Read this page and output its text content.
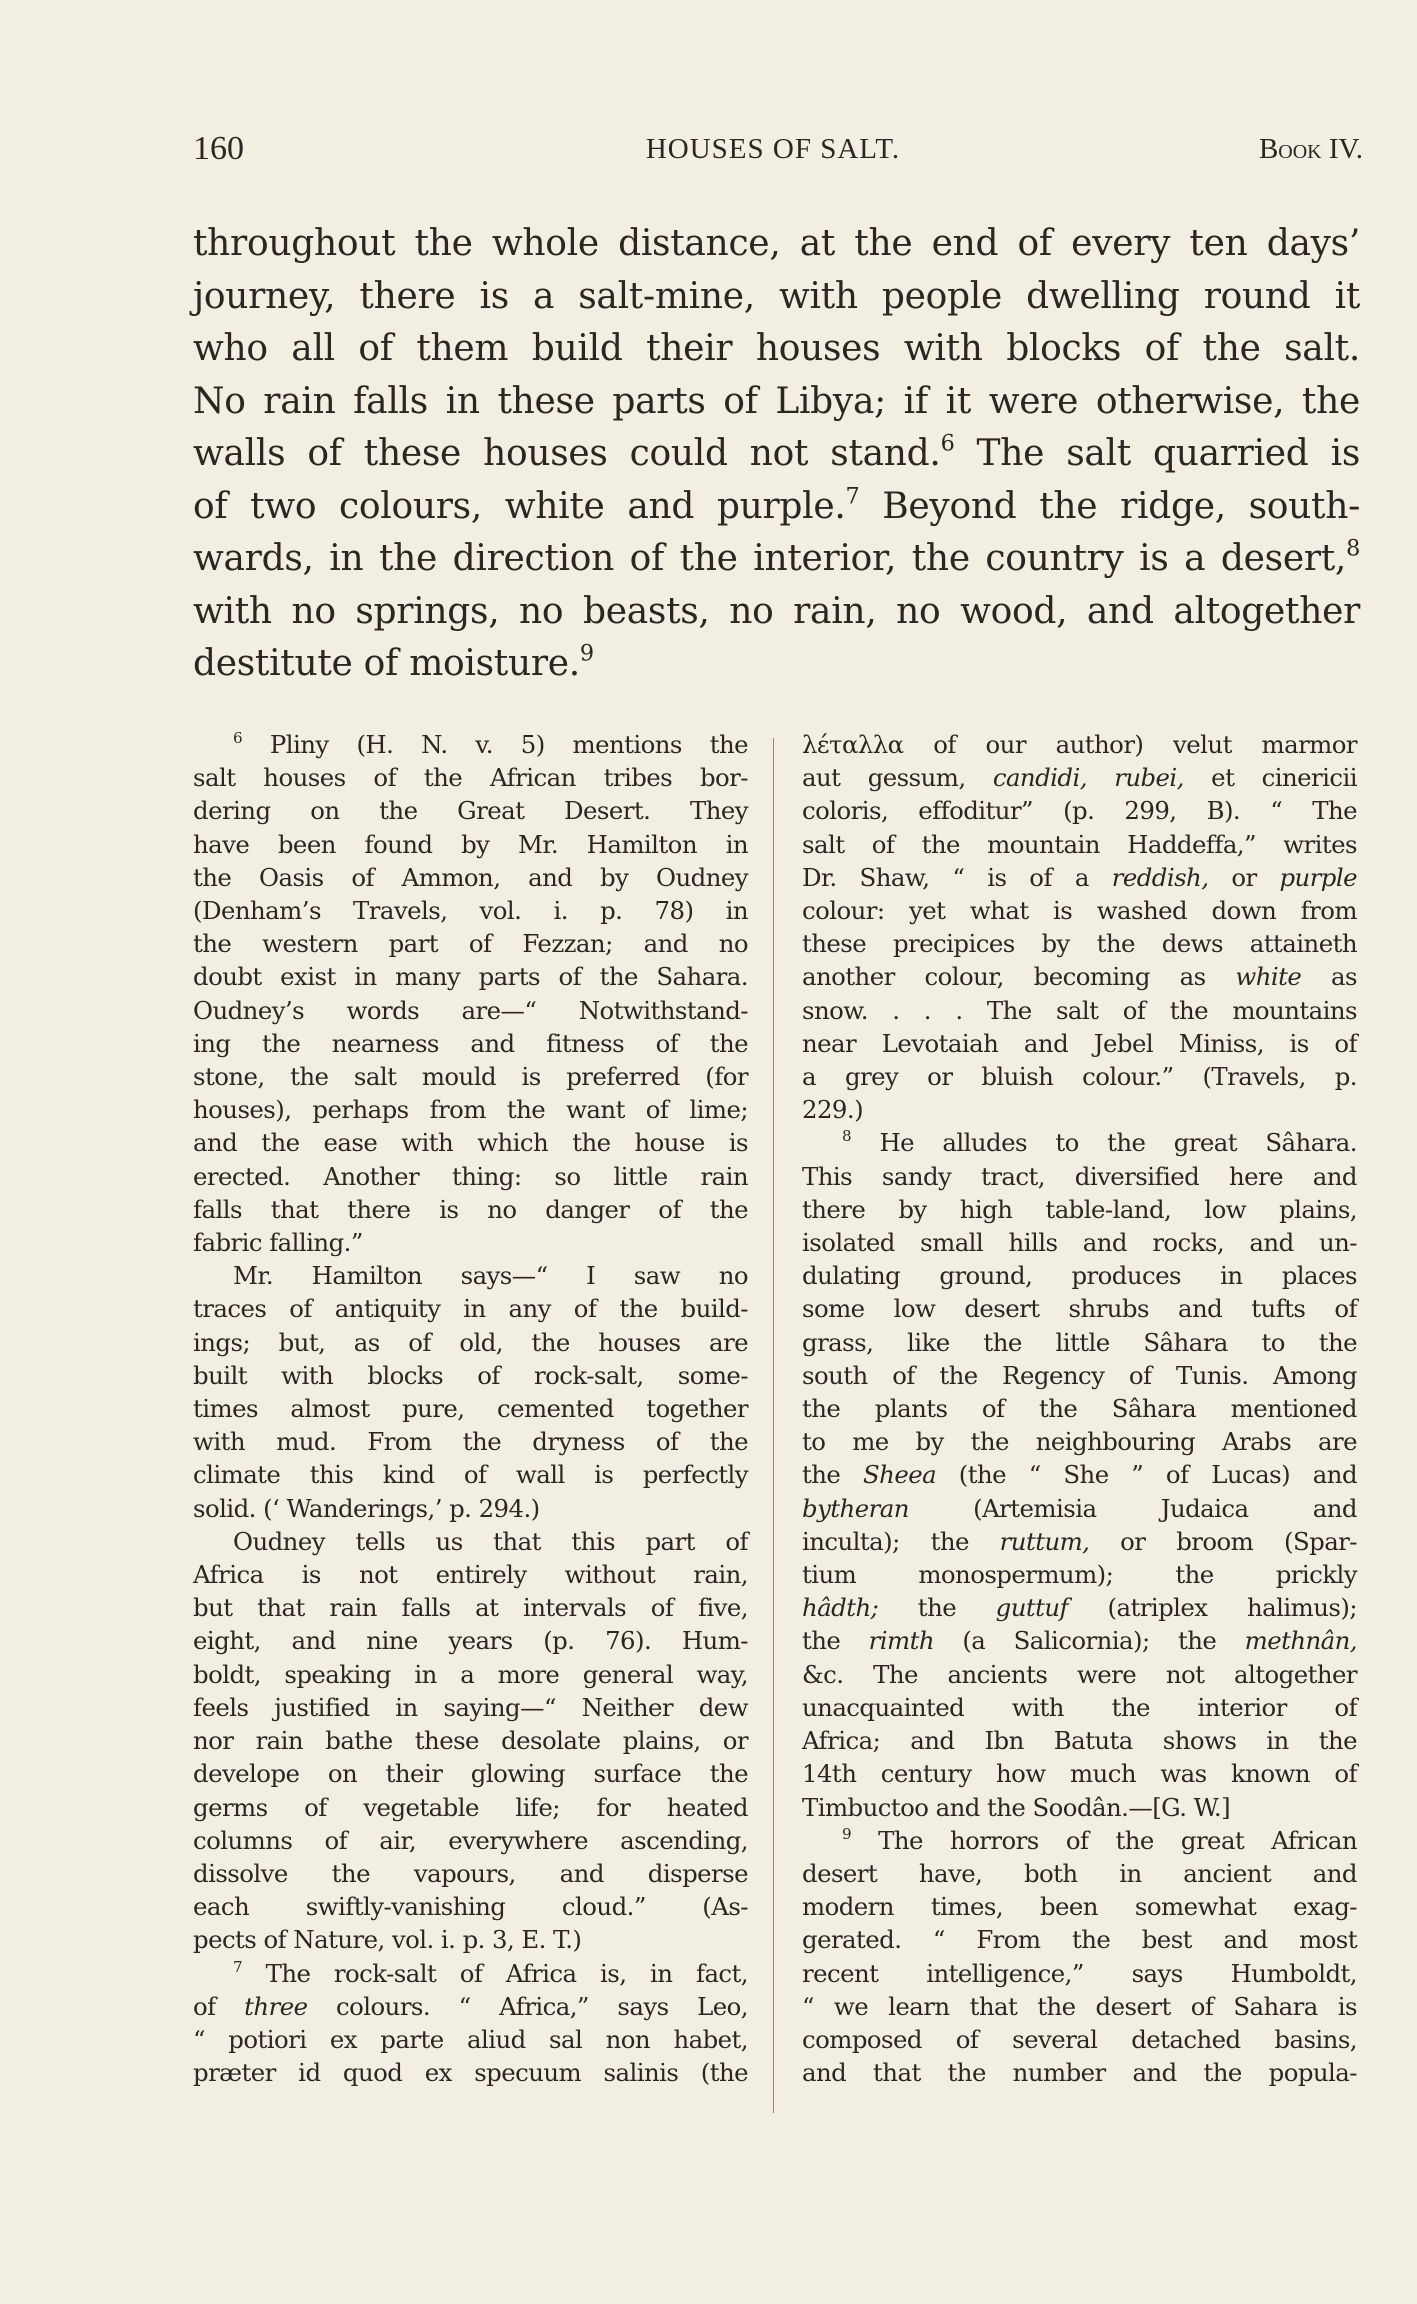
160	HOUSES OF SALT.	Book IV.
throughout the whole distance, at the end of every ten days’
journey, there is a salt-mine, with people dwelling round it
who all of them build their houses with blocks of the salt.
No rain falls in these parts of Libya; if it were otherwise, the
walls of these houses could not stand.$^6$ The salt quarried is
of two colours, white and purple.$^7$ Beyond the ridge, south-
wards, in the direction of the interior, the country is a desert,$^8$
with no springs, no beasts, no rain, no wood, and altogether
destitute of moisture.$^9$
$^6$ Pliny (H. N. v. 5) mentions the
salt houses of the African tribes bor-
dering on the Great Desert. They
have been found by Mr. Hamilton in
the Oasis of Ammon, and by Oudney
(Denham’s Travels, vol. i. p. 78) in
the western part of Fezzan; and no
doubt exist in many parts of the Sahara.
Oudney’s words are—“ Notwithstand-
ing the nearness and fitness of the
stone, the salt mould is preferred (for
houses), perhaps from the want of lime;
and the ease with which the house is
erected. Another thing: so little rain
falls that there is no danger of the
fabric falling.”
Mr. Hamilton says—“ I saw no
traces of antiquity in any of the build-
ings; but, as of old, the houses are
built with blocks of rock-salt, some-
times almost pure, cemented together
with mud. From the dryness of the
climate this kind of wall is perfectly
solid. (‘ Wanderings,’ p. 294.)
Oudney tells us that this part of
Africa is not entirely without rain,
but that rain falls at intervals of five,
eight, and nine years (p. 76). Hum-
boldt, speaking in a more general way,
feels justified in saying—“ Neither dew
nor rain bathe these desolate plains, or
develope on their glowing surface the
germs of vegetable life; for heated
columns of air, everywhere ascending,
dissolve the vapours, and disperse
each swiftly-vanishing cloud.” (As-
pects of Nature, vol. i. p. 3, E. T.)
$^7$ The rock-salt of Africa is, in fact,
of three colours. “ Africa,” says Leo,
“ potiori ex parte aliud sal non habet,
præter id quod ex specuum salinis (the
λέταλλα of our author) velut marmor
aut gessum, candidi, rubei, et cinericii
coloris, effoditur” (p. 299, B). “ The
salt of the mountain Haddeffa,” writes
Dr. Shaw, “ is of a reddish, or purple
colour: yet what is washed down from
these precipices by the dews attaineth
another colour, becoming as white as
snow. . . . The salt of the mountains
near Levotaiah and Jebel Miniss, is of
a grey or bluish colour.” (Travels, p.
229.)
$^8$ He alludes to the great Sâhara.
This sandy tract, diversified here and
there by high table-land, low plains,
isolated small hills and rocks, and un-
dulating ground, produces in places
some low desert shrubs and tufts of
grass, like the little Sâhara to the
south of the Regency of Tunis. Among
the plants of the Sâhara mentioned
to me by the neighbouring Arabs are
the Sheea (the “ She ” of Lucas) and
bytheran (Artemisia Judaica and
inculta); the ruttum, or broom (Spar-
tium monospermum); the prickly
hâdth; the guttuf (atriplex halimus);
the rimth (a Salicornia); the methnân,
&c. The ancients were not altogether
unacquainted with the interior of
Africa; and Ibn Batuta shows in the
14th century how much was known of
Timbuctoo and the Soodân.—[G. W.]
$^9$ The horrors of the great African
desert have, both in ancient and
modern times, been somewhat exag-
gerated. “ From the best and most
recent intelligence,” says Humboldt,
“ we learn that the desert of Sahara is
composed of several detached basins,
and that the number and the popula-
